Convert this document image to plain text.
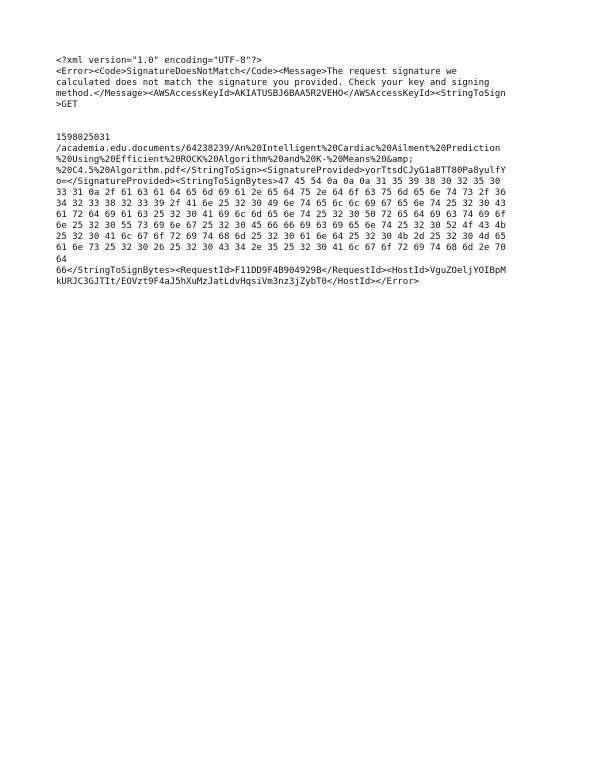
<?xml version="1.0" encoding="UTF-8"?>
<Error><Code>SignatureDoesNotMatch</Code><Message>The request signature we
calculated does not match the signature you provided. Check your key and signing
method.</Message><AWSAccessKeyId>AKIATUSBJ6BAA5R2VEHO</AWSAccessKeyId><StringToSign
>GET
1598025031
/academia.edu.documents/64238239/An%20Intelligent%20Cardiac%20Ailment%20Prediction
%20Using%20Efficient%20ROCK%20Algorithm%20and%20K-%20Means%20&amp;
%20C4.5%20Algorithm.pdf</StringToSign><SignatureProvided>yorTtsdCJyG1a8TT80Pa8yulfY
o=</SignatureProvided><StringToSignBytes>47 45 54 0a 0a 0a 31 35 39 38 30 32 35 30
33 31 0a 2f 61 63 61 64 65 6d 69 61 2e 65 64 75 2e 64 6f 63 75 6d 65 6e 74 73 2f 36
34 32 33 38 32 33 39 2f 41 6e 25 32 30 49 6e 74 65 6c 6c 69 67 65 6e 74 25 32 30 43
61 72 64 69 61 63 25 32 30 41 69 6c 6d 65 6e 74 25 32 30 50 72 65 64 69 63 74 69 6f
6e 25 32 30 55 73 69 6e 67 25 32 30 45 66 66 69 63 69 65 6e 74 25 32 30 52 4f 43 4b
25 32 30 41 6c 67 6f 72 69 74 68 6d 25 32 30 61 6e 64 25 32 30 4b 2d 25 32 30 4d 65
61 6e 73 25 32 30 26 25 32 30 43 34 2e 35 25 32 30 41 6c 67 6f 72 69 74 68 6d 2e 70
64
66</StringToSignBytes><RequestId>F11DD9F4B904929B</RequestId><HostId>VguZOeljYOIBpM
kURJC3GJTIt/EOVzt9F4aJ5hXuMzJatLdvHqsiVm3nz3jZybT0</HostId></Error>
